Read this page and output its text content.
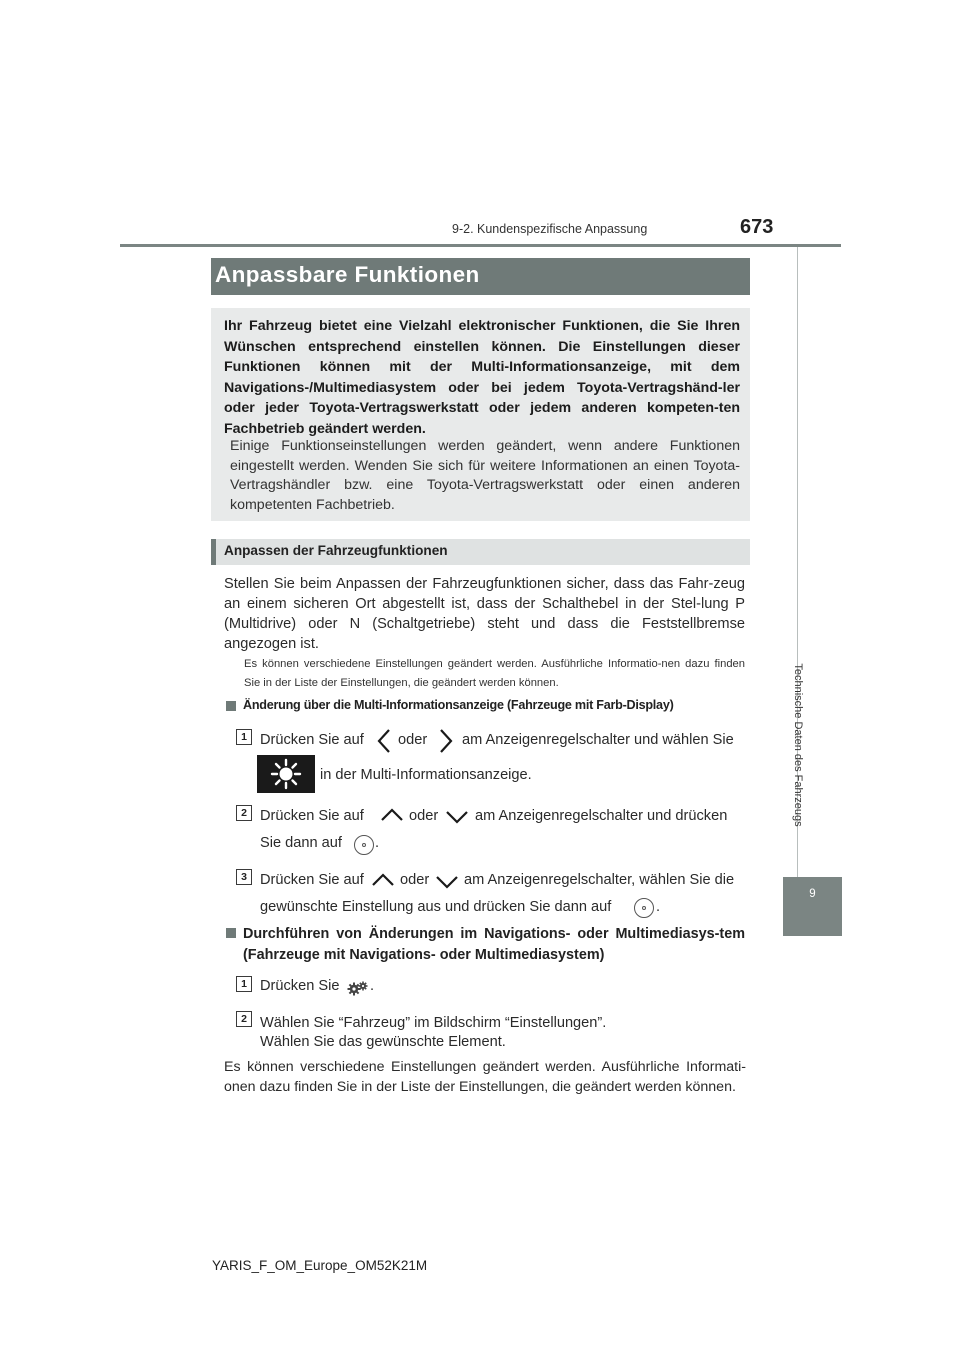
9-2. Kundenspezifische Anpassung	673
Anpassbare Funktionen

Ihr Fahrzeug bietet eine Vielzahl elektronischer Funktionen, die Sie Ihren Wünschen entsprechend einstellen können. Die Einstellungen dieser Funktionen können mit der Multi-Informationsanzeige, mit dem Navigations-/Multimediasystem oder bei jedem Toyota-Vertragshänd-ler oder jeder Toyota-Vertragswerkstatt oder jedem anderen kompeten-ten Fachbetrieb geändert werden.

Einige Funktionseinstellungen werden geändert, wenn andere Funktionen eingestellt werden. Wenden Sie sich für weitere Informationen an einen Toyota-Vertragshändler bzw. eine Toyota-Vertragswerkstatt oder einen anderen kompetenten Fachbetrieb.

Anpassen der Fahrzeugfunktionen

Stellen Sie beim Anpassen der Fahrzeugfunktionen sicher, dass das Fahr-zeug an einem sicheren Ort abgestellt ist, dass der Schalthebel in der Stel-lung P (Multidrive) oder N (Schaltgetriebe) steht und dass die Feststellbremse angezogen ist.

Es können verschiedene Einstellungen geändert werden. Ausführliche Informatio-nen dazu finden Sie in der Liste der Einstellungen, die geändert werden können.

Änderung über die Multi-Informationsanzeige (Fahrzeuge mit Farb-Display)
1 Drücken Sie auf oder am Anzeigenregelschalter und wählen Sie
in der Multi-Informationsanzeige.
2 Drücken Sie auf	oder	am Anzeigenregelschalter und drücken
Sie dann auf .
3 Drücken Sie auf oder am Anzeigenregelschalter, wählen Sie die
gewünschte Einstellung aus und drücken Sie dann auf	.

Durchführen von Änderungen im Navigations- oder Multimediasys-tem (Fahrzeuge mit Navigations- oder Multimediasystem)

1 Drücken Sie .
2 Wählen Sie “Fahrzeug” im Bildschirm “Einstellungen”.
Wählen Sie das gewünschte Element.

Es können verschiedene Einstellungen geändert werden. Ausführliche Informati-onen dazu finden Sie in der Liste der Einstellungen, die geändert werden können.

Technische Daten des Fahrzeugs
9
YARIS_F_OM_Europe_OM52K21M
